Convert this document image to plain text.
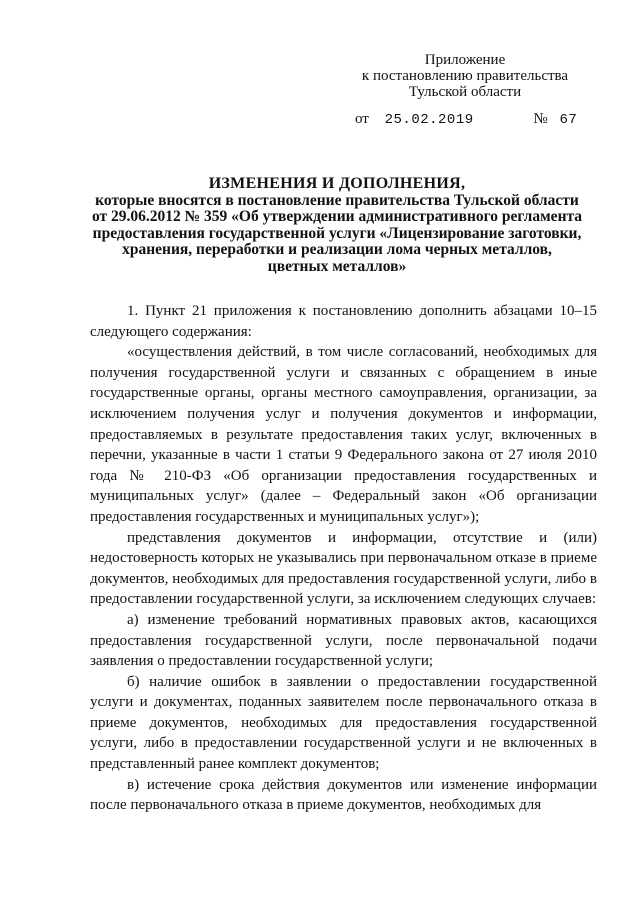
Приложение
к постановлению правительства
Тульской области
от 25.02.2019	№ 67
ИЗМЕНЕНИЯ И ДОПОЛНЕНИЯ,
которые вносятся в постановление правительства Тульской области
от 29.06.2012 № 359 «Об утверждении административного регламента
предоставления государственной услуги «Лицензирование заготовки,
хранения, переработки и реализации лома черных металлов,
цветных металлов»

1. Пункт 21 приложения к постановлению дополнить абзацами 10–15 следующего содержания:

«осуществления действий, в том числе согласований, необходимых для получения государственной услуги и связанных с обращением в иные государственные органы, органы местного самоуправления, организации, за исключением получения услуг и получения документов и информации, предоставляемых в результате предоставления таких услуг, включенных в перечни, указанные в части 1 статьи 9 Федерального закона от 27 июля 2010 года № 210-ФЗ «Об организации предоставления государственных и муниципальных услуг» (далее – Федеральный закон «Об организации предоставления государственных и муниципальных услуг»);

представления документов и информации, отсутствие и (или) недостоверность которых не указывались при первоначальном отказе в приеме документов, необходимых для предоставления государственной услуги, либо в предоставлении государственной услуги, за исключением следующих случаев:

а) изменение требований нормативных правовых актов, касающихся предоставления государственной услуги, после первоначальной подачи заявления о предоставлении государственной услуги;

б) наличие ошибок в заявлении о предоставлении государственной услуги и документах, поданных заявителем после первоначального отказа в приеме документов, необходимых для предоставления государственной услуги, либо в предоставлении государственной услуги и не включенных в представленный ранее комплект документов;

в) истечение срока действия документов или изменение информации после первоначального отказа в приеме документов, необходимых для
